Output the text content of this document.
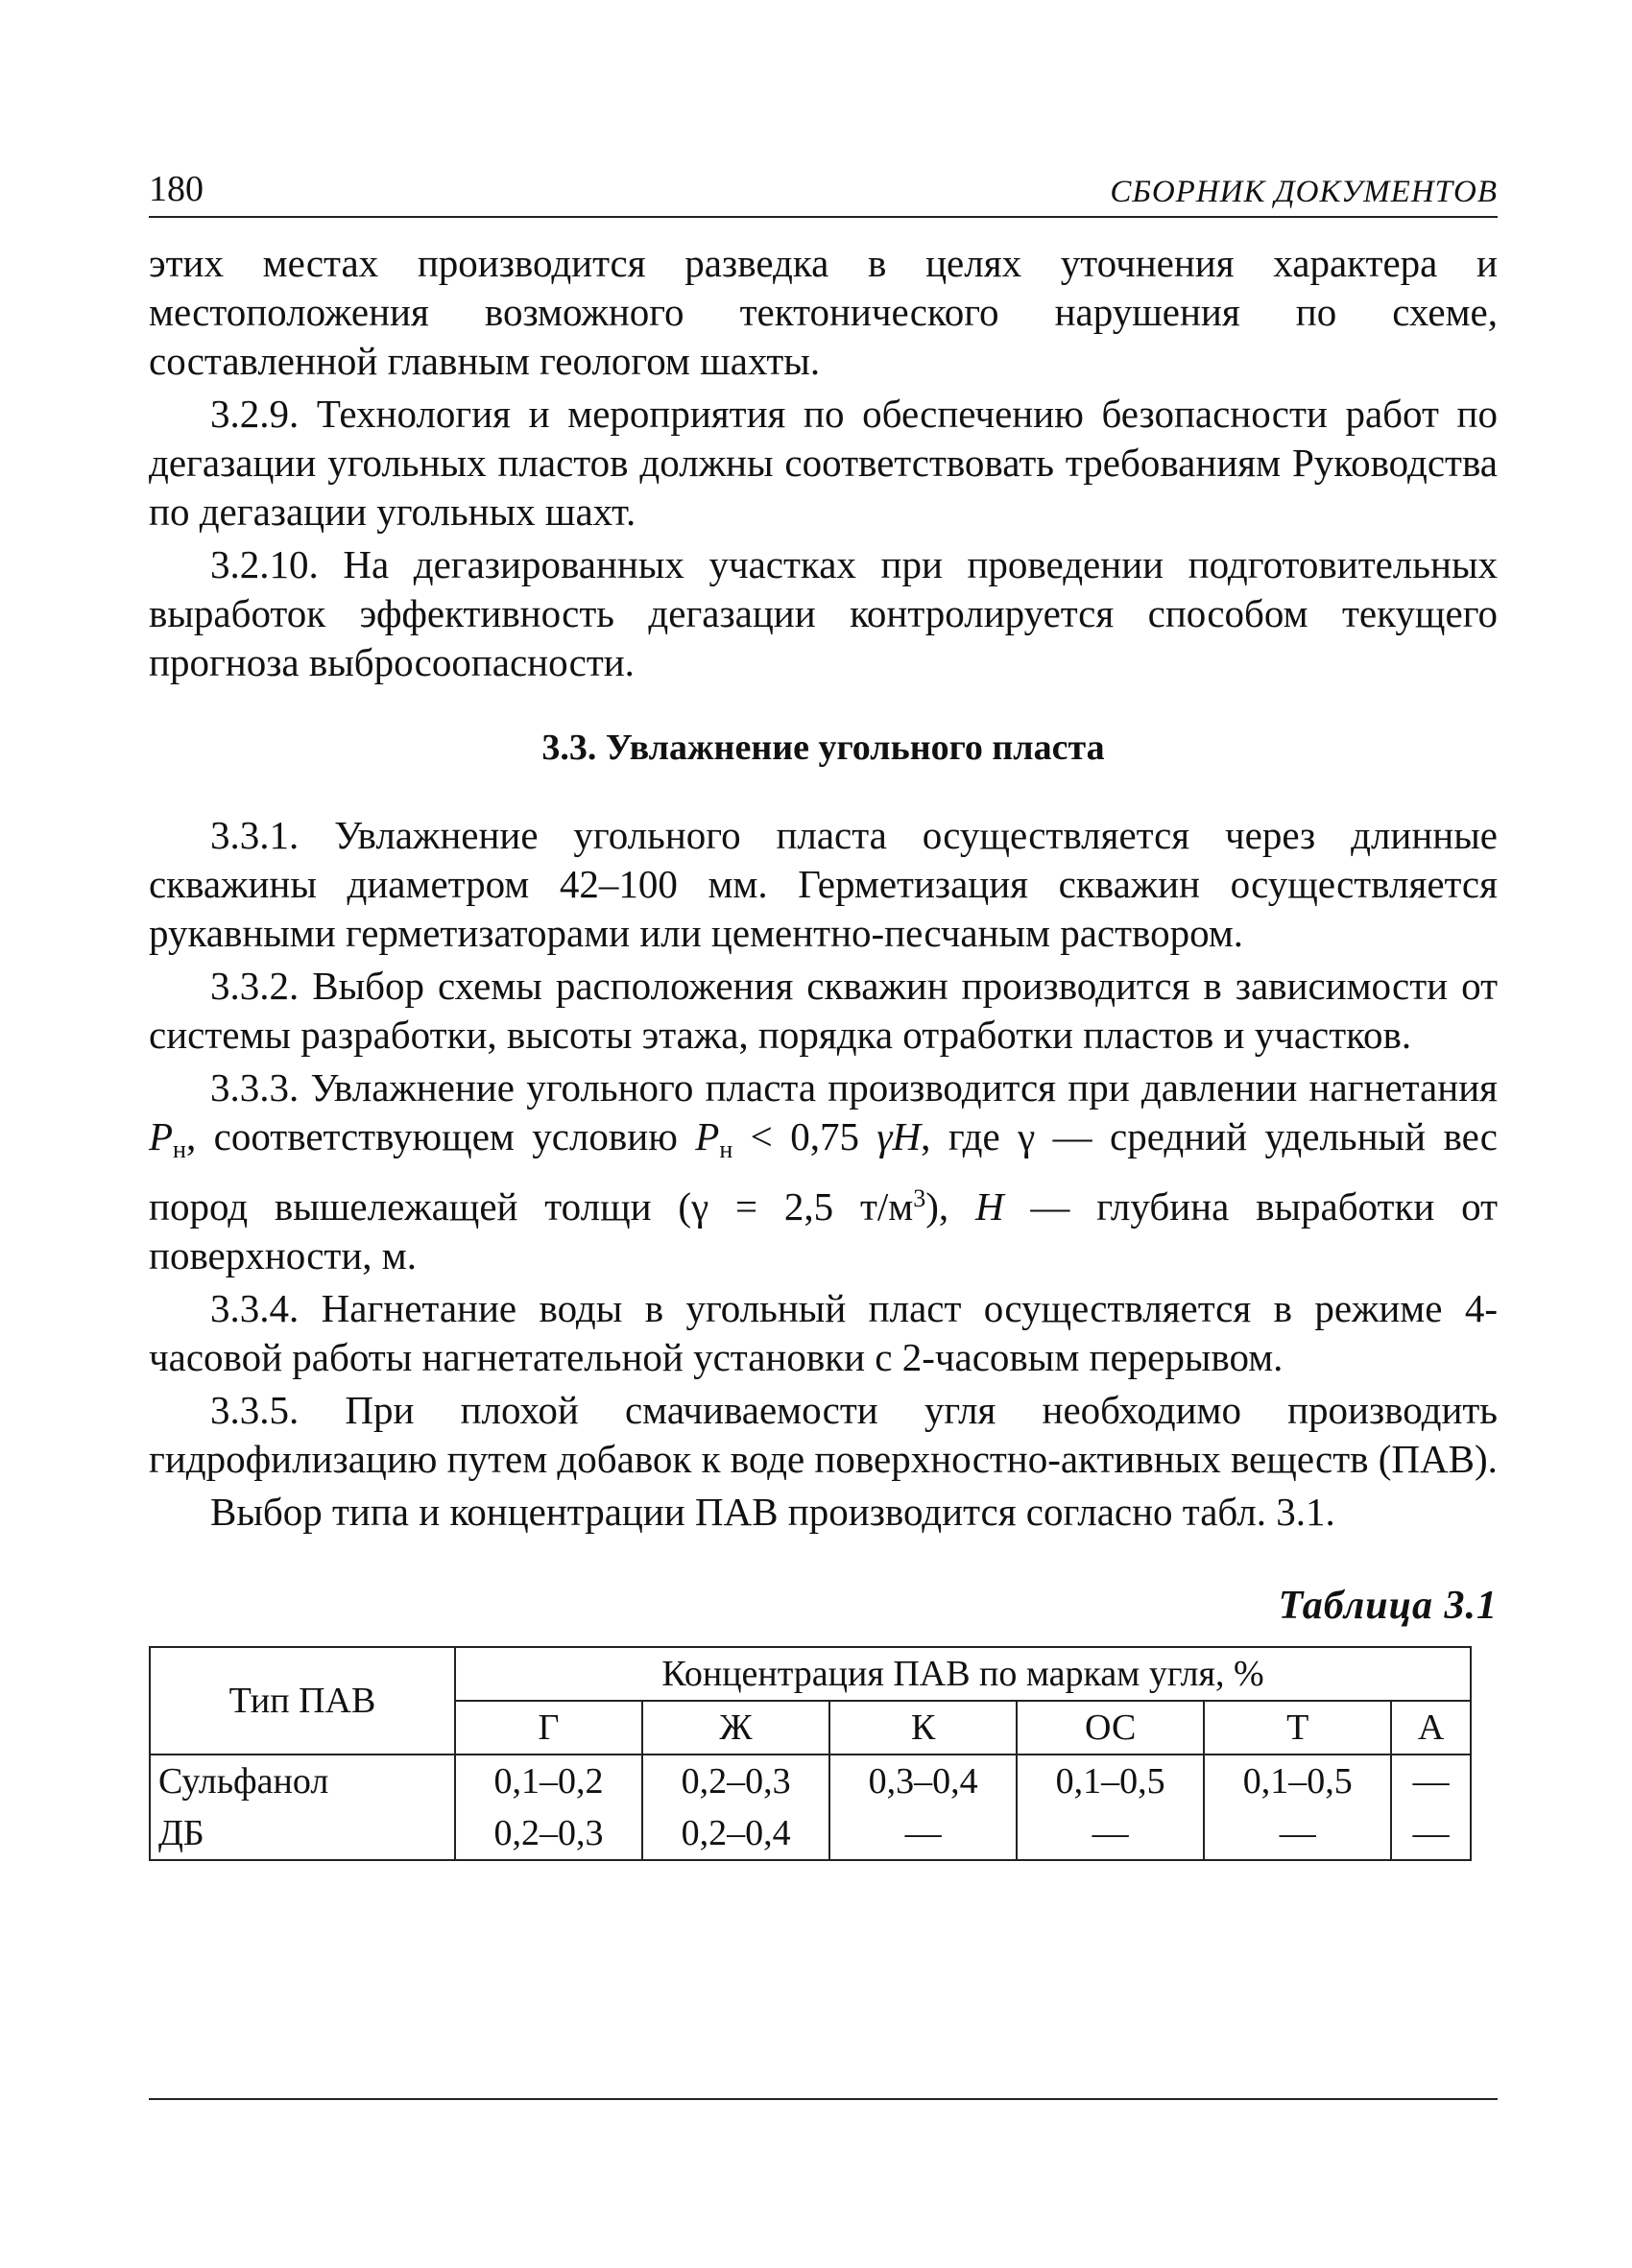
180	СБОРНИК ДОКУМЕНТОВ

этих местах производится разведка в целях уточнения характера и местоположения возможного тектонического нарушения по схеме, составленной главным геологом шахты.

3.2.9. Технология и мероприятия по обеспечению безопасности работ по дегазации угольных пластов должны соответствовать требованиям Руководства по дегазации угольных шахт.

3.2.10. На дегазированных участках при проведении подготовительных выработок эффективность дегазации контролируется способом текущего прогноза выбросоопасности.

3.3. Увлажнение угольного пласта

3.3.1. Увлажнение угольного пласта осуществляется через длинные скважины диаметром 42–100 мм. Герметизация скважин осуществляется рукавными герметизаторами или цементно-песчаным раствором.

3.3.2. Выбор схемы расположения скважин производится в зависимости от системы разработки, высоты этажа, порядка отработки пластов и участков.

3.3.3. Увлажнение угольного пласта производится при давлении нагнетания $P_н$, соответствующем условию $P_н < 0,75$ γH, где γ — средний удельный вес пород вышележащей толщи (γ = 2,5 $т/м^3$), H — глубина выработки от поверхности, м.

3.3.4. Нагнетание воды в угольный пласт осуществляется в режиме 4-часовой работы нагнетательной установки с 2-часовым перерывом.

3.3.5. При плохой смачиваемости угля необходимо производить гидрофилизацию путем добавок к воде поверхностно-активных веществ (ПАВ).

Выбор типа и концентрации ПАВ производится согласно табл. 3.1.

Таблица 3.1
Тип ПАВ	Концентрация ПАВ по маркам угля, %					
	Г	Ж	К	ОС	Т	А
Сульфанол	0,1–0,2	0,2–0,3	0,3–0,4	0,1–0,5	0,1–0,5	—
ДБ	0,2–0,3	0,2–0,4	—	—	—	—
